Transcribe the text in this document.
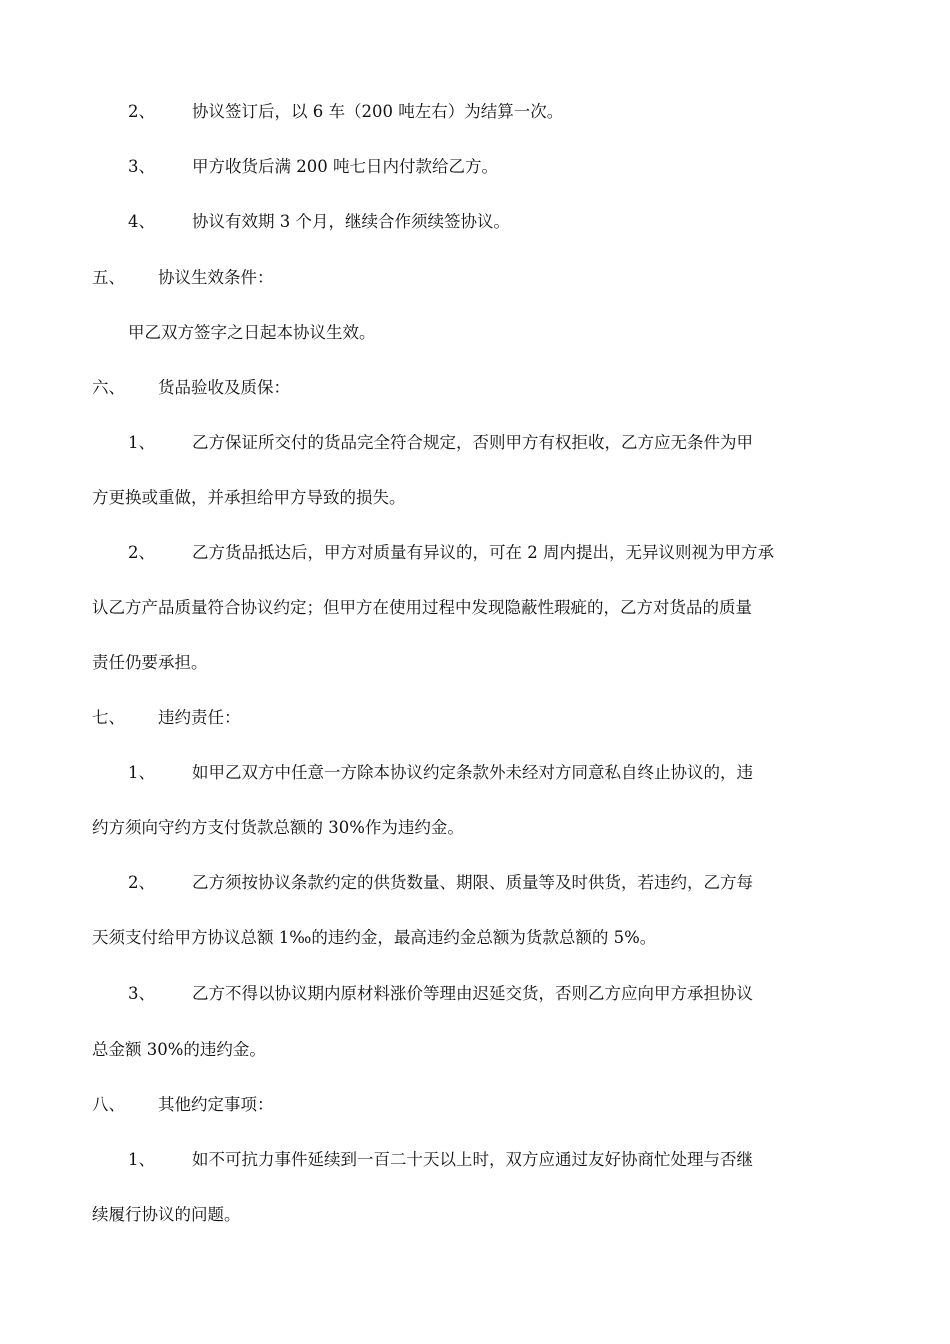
2、 协议签订后，以 6 车（200 吨左右）为结算一次。
3、 甲方收货后满 200 吨七日内付款给乙方。
4、 协议有效期 3 个月，继续合作须续签协议。
五、 协议生效条件：
甲乙双方签字之日起本协议生效。
六、 货品验收及质保：
1、 乙方保证所交付的货品完全符合规定，否则甲方有权拒收，乙方应无条件为甲
方更换或重做，并承担给甲方导致的损失。
2、 乙方货品抵达后，甲方对质量有异议的，可在 2 周内提出，无异议则视为甲方承
认乙方产品质量符合协议约定；但甲方在使用过程中发现隐蔽性瑕疵的，乙方对货品的质量
责任仍要承担。
七、 违约责任：
1、 如甲乙双方中任意一方除本协议约定条款外未经对方同意私自终止协议的，违
约方须向守约方支付货款总额的 30%作为违约金。
2、 乙方须按协议条款约定的供货数量、期限、质量等及时供货，若违约，乙方每
天须支付给甲方协议总额 1‰的违约金，最高违约金总额为货款总额的 5%。
3、 乙方不得以协议期内原材料涨价等理由迟延交货，否则乙方应向甲方承担协议
总金额 30%的违约金。
八、 其他约定事项：
1、 如不可抗力事件延续到一百二十天以上时，双方应通过友好协商忙处理与否继
续履行协议的问题。
